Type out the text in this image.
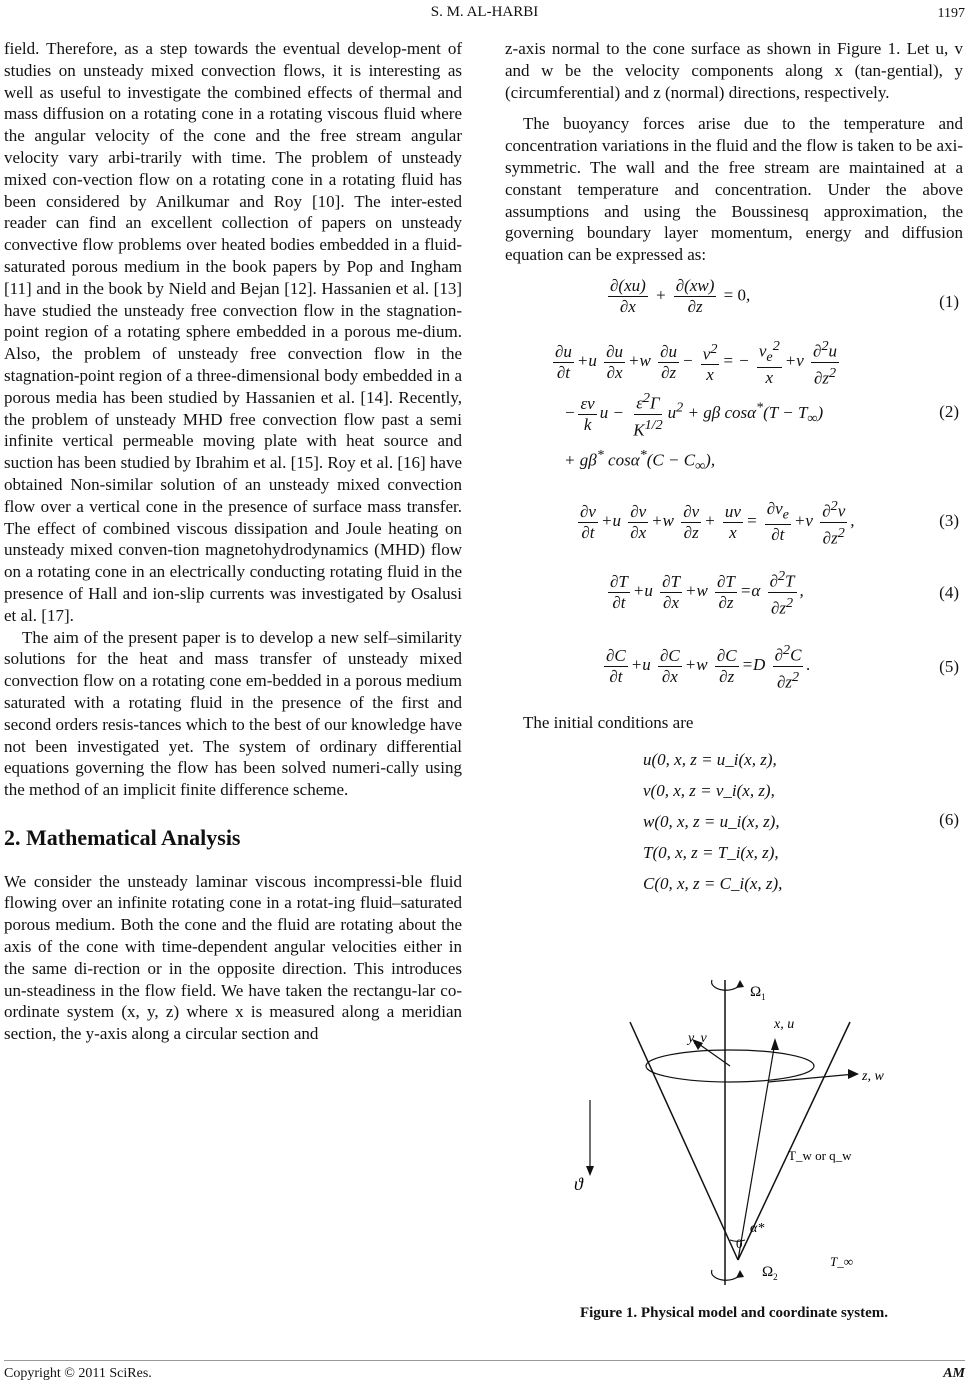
S. M. AL-HARBI	1197

field. Therefore, as a step towards the eventual develop-ment of studies on unsteady mixed convection flows, it is interesting as well as useful to investigate the combined effects of thermal and mass diffusion on a rotating cone in a rotating viscous fluid where the angular velocity of the cone and the free stream angular velocity vary arbi-trarily with time. The problem of unsteady mixed con-vection flow on a rotating cone in a rotating fluid has been considered by Anilkumar and Roy [10]. The inter-ested reader can find an excellent collection of papers on unsteady convective flow problems over heated bodies embedded in a fluid-saturated porous medium in the book papers by Pop and Ingham [11] and in the book by Nield and Bejan [12]. Hassanien et al. [13] have studied the unsteady free convection flow in the stagnation-point region of a rotating sphere embedded in a porous me-dium. Also, the problem of unsteady free convection flow in the stagnation-point region of a three-dimensional body embedded in a porous media has been studied by Hassanien et al. [14]. Recently, the problem of unsteady MHD free convection flow past a semi infinite vertical permeable moving plate with heat source and suction has been studied by Ibrahim et al. [15]. Roy et al. [16] have obtained Non-similar solution of an unsteady mixed convection flow over a vertical cone in the presence of surface mass transfer. The effect of combined viscous dissipation and Joule heating on unsteady mixed conven-tion magnetohydrodynamics (MHD) flow on a rotating cone in an electrically conducting rotating fluid in the presence of Hall and ion-slip currents was investigated by Osalusi et al. [17].

The aim of the present paper is to develop a new self–similarity solutions for the heat and mass transfer of unsteady mixed convection flow on a rotating cone em-bedded in a porous medium saturated with a rotating fluid in the presence of the first and second orders resis-tances which to the best of our knowledge have not been investigated yet. The system of ordinary differential equations governing the flow has been solved numeri-cally using the method of an implicit finite difference scheme.

2. Mathematical Analysis

We consider the unsteady laminar viscous incompressi-ble fluid flowing over an infinite rotating cone in a rotat-ing fluid–saturated porous medium. Both the cone and the fluid are rotating about the axis of the cone with time-dependent angular velocities either in the same di-rection or in the opposite direction. This introduces un-steadiness in the flow field. We have taken the rectangu-lar co-ordinate system (x, y, z) where x is measured along a meridian section, the y-axis along a circular section and

z-axis normal to the cone surface as shown in Figure 1. Let u, v and w be the velocity components along x (tan-gential), y (circumferential) and z (normal) directions, respectively.

The buoyancy forces arise due to the temperature and concentration variations in the fluid and the flow is taken to be axi-symmetric. The wall and the free stream are maintained at a constant temperature and concentration. Under the above assumptions and using the Boussinesq approximation, the governing boundary layer momentum, energy and diffusion equation can be expressed as:

$\frac{\partial(xu)}{\partial x} + \frac{\partial(xw)}{\partial z} = 0$,	(1)
$\frac{\partial u}{\partial t} +u \frac{\partial u}{\partial x} +w \frac{\partial u}{\partial z} - \frac{v^2}{x}$ = − $\frac{v_e^2}{x} +\nu \frac{\partial^2u}{\partial z^2}$
− $\frac{\varepsilon\nu}{k}$ $u - \frac{\varepsilon^2\Gamma}{K^{1/2}} u^2 + g\beta$ $\cos\alpha^*(T - T_\infty)$
+ gβ* $\cos\alpha^*(C - C_\infty)$,
(2)
$\frac{\partial v}{\partial t} +u \frac{\partial v}{\partial x} +w \frac{\partial v}{\partial z} + \frac{uv}{x} = \frac{\partial v_e}{\partial t} +\nu \frac{\partial^2v}{\partial z^2}$ ,	(3)
$\frac{\partial T}{\partial t} +u \frac{\partial T}{\partial x} +w \frac{\partial T}{\partial z} =\alpha \frac{\partial^2T}{\partial z^2}$ ,	(4)
$\frac{\partial C}{\partial t} +u \frac{\partial C}{\partial x} +w \frac{\partial C}{\partial z} =D \frac{\partial^2C}{\partial z^2}$ .	(5)

The initial conditions are

u(0, x, z = u_i(x, z),
v(0, x, z = v_i(x, z),
w(0, x, z = u_i(x, z),
T(0, x, z = T_i(x, z),
C(0, x, z = C_i(x, z),
(6)
$\Omega_1$
x, u
y, v
z, w
T_w or q_w
ϑ
α*
0
$\Omega_2$
T_∞
Figure 1. Physical model and coordinate system.
Copyright © 2011 SciRes.	AM
